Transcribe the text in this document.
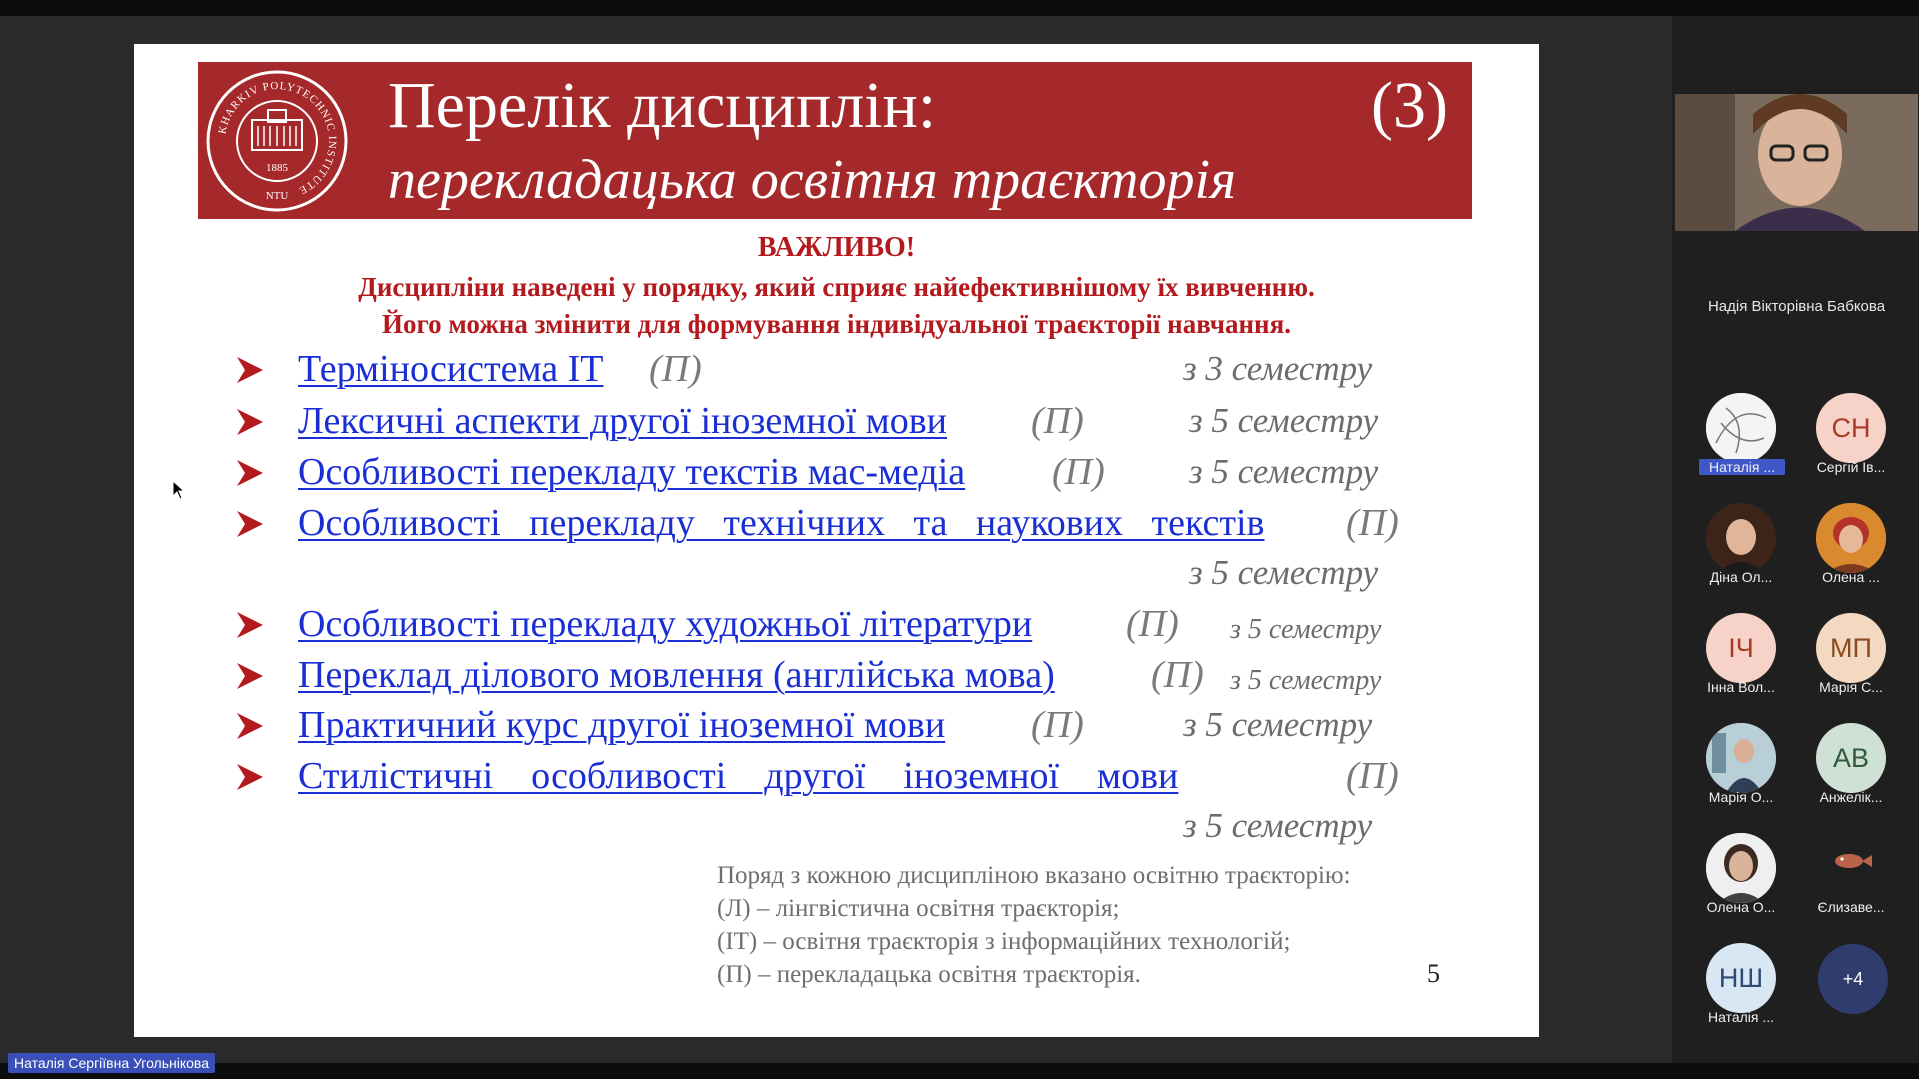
KHARKIV POLYTECHNIC INSTITUTE
1885
NTU
Перелік дисциплін:	(3)
перекладацька освітня траєкторія
ВАЖЛИВО!
Дисципліни наведені у порядку, який сприяє найефективнішому їх вивченню.
Його можна змінити для формування індивідуальної траєкторії навчання.
Терміносистема ІТ (П)	з 3 семестру
Лексичні аспекти другої іноземної мови (П)	з 5 семестру
Особливості перекладу текстів мас-медіа (П) з 5 семестру
Особливості   перекладу   технічних   та   наукових   текстів (П)
з 5 семестру
Особливості перекладу художньої літератури (П) з 5 семестру
Переклад ділового мовлення (англійська мова)	(П) з 5 семестру
Практичний курс другої іноземної мови (П)	з 5 семестру
Стилістичні    особливості    другої    іноземної    мови	(П)
з 5 семестру
Поряд з кожною дисципліною вказано освітню траєкторію:
(Л) – лінгвістична освітня траєкторія;
(ІТ) – освітня траєкторія з інформаційних технологій;
(П) – перекладацька освітня траєкторія.	5
Надія Вікторівна Бабкова
Наталія ...
СН
Сергій Ів...
Діна Ол...	Олена ...
ІЧ
Інна Вол...
МП
Марія С...
Марія О...
АВ
Анжелік...
Олена О...	Єлизаве...
НШ
Наталія ...
+4
Наталія Сергіївна Угольнікова
